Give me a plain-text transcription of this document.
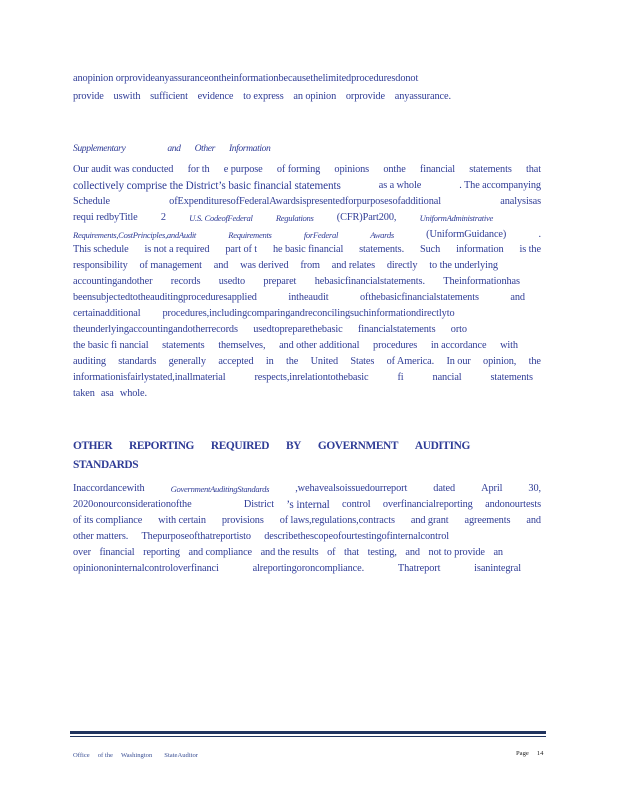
anopinion orprovideanyassuranceontheinformationbecausethelimitedproceduresdonot
provide uswith sufficient evidence to express an opinion orprovide anyassurance.
Supplementary	and Other Information
Our audit was conducted for th e purpose of forming opinions onthe financial statements that
collectively comprise the District’s basic financial statements	as a whole	. The accompanying
Schedule	ofExpendituresofFederalAwardsispresentedforpurposesofadditional	analysisas
requi redbyTitle 2	U.S. CodeofFederal	Regulations (CFR)Part200,	UniformAdministrative
Requirements,CostPrinciples,andAudit	Requirements	forFederal	Awards	(UniformGuidance)	.
This schedule is not a required part of t he basic financial statements. Such information is the
responsibility of management and was derived from and relates directly to the underlying
accountingandother records usedto preparet hebasicfinancialstatements. Theinformationhas
beensubjectedtotheauditingproceduresapplied	intheaudit	ofthebasicfinancialstatements	and
certainadditional procedures,includingcomparingandreconcilingsuchinformationdirectlyto
theunderlyingaccountingandotherrecords usedtopreparethebasic financialstatements orto
the basic fi nancial statements themselves, and other additional procedures in accordance with
auditing standards generally accepted in the United States of America. In our opinion, the
informationisfairlystated,inallmaterial	respects,inrelationtothebasic	fi	nancial	statements
taken asa whole.
OTHER REPORTING REQUIRED BY GOVERNMENT AUDITING
STANDARDS
Inaccordancewith	GovernmentAuditingStandards	,wehavealsoissuedourreport	dated	April	30,
2020onourconsiderationofthe	District ’s internal control overfinancialreporting andonourtests
of its compliance with certain provisions of laws,regulations,contracts and grant agreements and
other matters. Thepurposeofthatreportisto describethescopeofourtestingofinternalcontrol
over financial reporting and compliance and the results of that testing, and not to provide an
opiniononinternalcontroloverfinanci	alreportingoroncompliance.	Thatreport	isanintegral
Office of the Washington StateAuditor	Page 14
